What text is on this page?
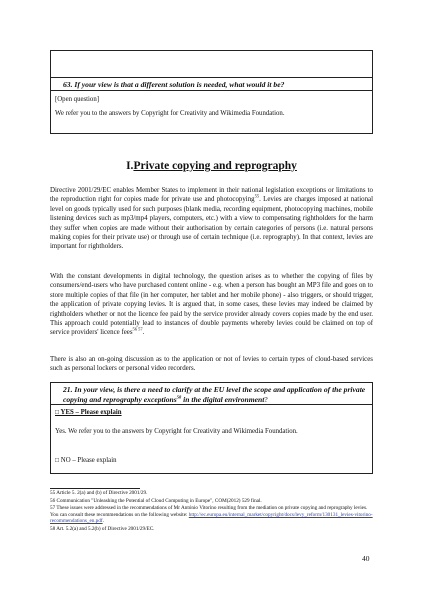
63. If your view is that a different solution is needed, what would it be?
[Open question]
We refer you to the answers by Copyright for Creativity and Wikimedia Foundation.
I.Private copying and reprography
Directive 2001/29/EC enables Member States to implement in their national legislation exceptions or limitations to the reproduction right for copies made for private use and photocopying$^{55}$. Levies are charges imposed at national level on goods typically used for such purposes (blank media, recording equipment, photocopying machines, mobile listening devices such as mp3/mp4 players, computers, etc.) with a view to compensating rightholders for the harm they suffer when copies are made without their authorisation by certain categories of persons (i.e. natural persons making copies for their private use) or through use of certain technique (i.e. reprography). In that context, levies are important for rightholders.
With the constant developments in digital technology, the question arises as to whether the copying of files by consumers/end-users who have purchased content online - e.g. when a person has bought an MP3 file and goes on to store multiple copies of that file (in her computer, her tablet and her mobile phone) - also triggers, or should trigger, the application of private copying levies. It is argued that, in some cases, these levies may indeed be claimed by rightholders whether or not the licence fee paid by the service provider already covers copies made by the end user. This approach could potentially lead to instances of double payments whereby levies could be claimed on top of service providers' licence fees$^{56 57}$.
There is also an on-going discussion as to the application or not of levies to certain types of cloud-based services such as personal lockers or personal video recorders.
21. In your view, is there a need to clarify at the EU level the scope and application of the private copying and reprography exceptions$^{58}$ in the digital environment?
□ YES – Please explain
Yes. We refer you to the answers by Copyright for Creativity and Wikimedia Foundation.
□ NO – Please explain
55 Article 5. 2(a) and (b) of Directive 2001/29.
56 Communication "Unleashing the Potential of Cloud Computing in Europe", COM(2012) 529 final.
57 These issues were addressed in the recommendations of Mr António Vitorino resulting from the mediation on private copying and reprography levies. You can consult these recommendations on the following website: http://ec.europa.eu/internal_market/copyright/docs/levy_reform/130131_levies-vitorino-recommendations_en.pdf.
58 Art. 5.2(a) and 5.2(b) of Directive 2001/29/EC.
40
